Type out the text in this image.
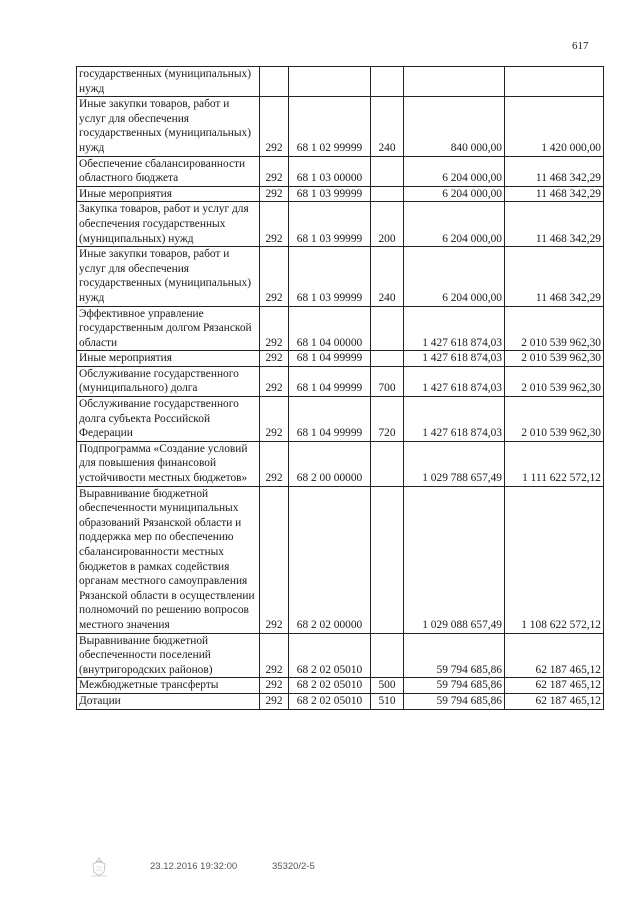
617
государственных (муниципальных) нужд					
Иные закупки товаров, работ и услуг для обеспечения государственных (муниципальных) нужд	292	68 1 02 99999	240	840 000,00	1 420 000,00
Обеспечение сбалансированности областного бюджета	292	68 1 03 00000		6 204 000,00	11 468 342,29
Иные мероприятия	292	68 1 03 99999		6 204 000,00	11 468 342,29
Закупка товаров, работ и услуг для обеспечения государственных (муниципальных) нужд	292	68 1 03 99999	200	6 204 000,00	11 468 342,29
Иные закупки товаров, работ и услуг для обеспечения государственных (муниципальных) нужд	292	68 1 03 99999	240	6 204 000,00	11 468 342,29
Эффективное управление государственным долгом Рязанской области	292	68 1 04 00000		1 427 618 874,03	2 010 539 962,30
Иные мероприятия	292	68 1 04 99999		1 427 618 874,03	2 010 539 962,30
Обслуживание государственного (муниципального) долга	292	68 1 04 99999	700	1 427 618 874,03	2 010 539 962,30
Обслуживание государственного долга субъекта Российской Федерации	292	68 1 04 99999	720	1 427 618 874,03	2 010 539 962,30
Подпрограмма «Создание условий для повышения финансовой устойчивости местных бюджетов»	292	68 2 00 00000		1 029 788 657,49	1 111 622 572,12
Выравнивание бюджетной обеспеченности муниципальных образований Рязанской области и поддержка мер по обеспечению сбалансированности местных бюджетов в рамках содействия органам местного самоуправления Рязанской области в осуществлении полномочий по решению вопросов местного значения	292	68 2 02 00000		1 029 088 657,49	1 108 622 572,12
Выравнивание бюджетной обеспеченности поселений (внутригородских районов)	292	68 2 02 05010		59 794 685,86	62 187 465,12
Межбюджетные трансферты	292	68 2 02 05010	500	59 794 685,86	62 187 465,12
Дотации	292	68 2 02 05010	510	59 794 685,86	62 187 465,12
23.12.2016 19:32:00	35320/2-5
